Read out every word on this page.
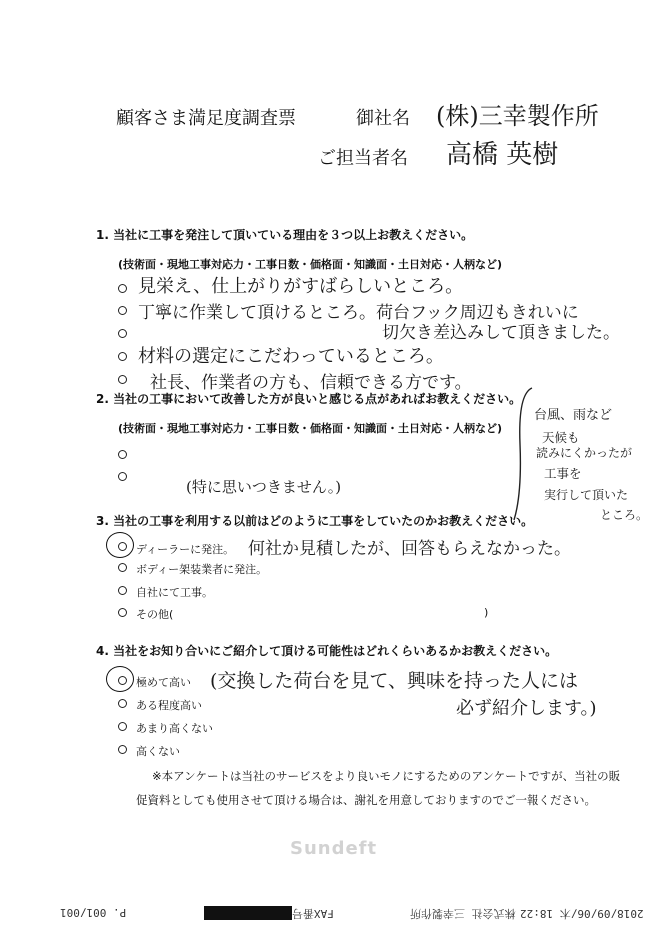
顧客さま満足度調査票	御社名 (株)三幸製作所
ご担当者名 高橋 英樹
1. 当社に工事を発注して頂いている理由を３つ以上お教えください。
(技術面・現地工事対応力・工事日数・価格面・知識面・土日対応・人柄など)
見栄え、仕上がりがすばらしいところ。
丁寧に作業して頂けるところ。荷台フック周辺もきれいに
切欠き差込みして頂きました。
材料の選定にこだわっているところ。
社長、作業者の方も、信頼できる方です。
2. 当社の工事において改善した方が良いと感じる点があればお教えください。
(技術面・現地工事対応力・工事日数・価格面・知識面・土日対応・人柄など)
(特に思いつきません。)
台風、雨など
天候も
読みにくかったが
工事を
実行して頂いた
ところ。
3. 当社の工事を利用する以前はどのように工事をしていたのかお教えください。
ディーラーに発注。 何社か見積したが、回答もらえなかった。
ボディー架装業者に発注。
自社にて工事。
その他(	)
4. 当社をお知り合いにご紹介して頂ける可能性はどれくらいあるかお教えください。
極めて高い (交換した荷台を見て、興味を持った人には
必ず紹介します。)
ある程度高い
あまり高くない
高くない
※本アンケートは当社のサービスをより良いモノにするためのアンケートですが、当社の販
促資料としても使用させて頂ける場合は、謝礼を用意しておりますのでご一報ください。
Sundeft
P. 001/001	FAX番号	株式会社 三幸製作所 2018/09/06/木 18:22
